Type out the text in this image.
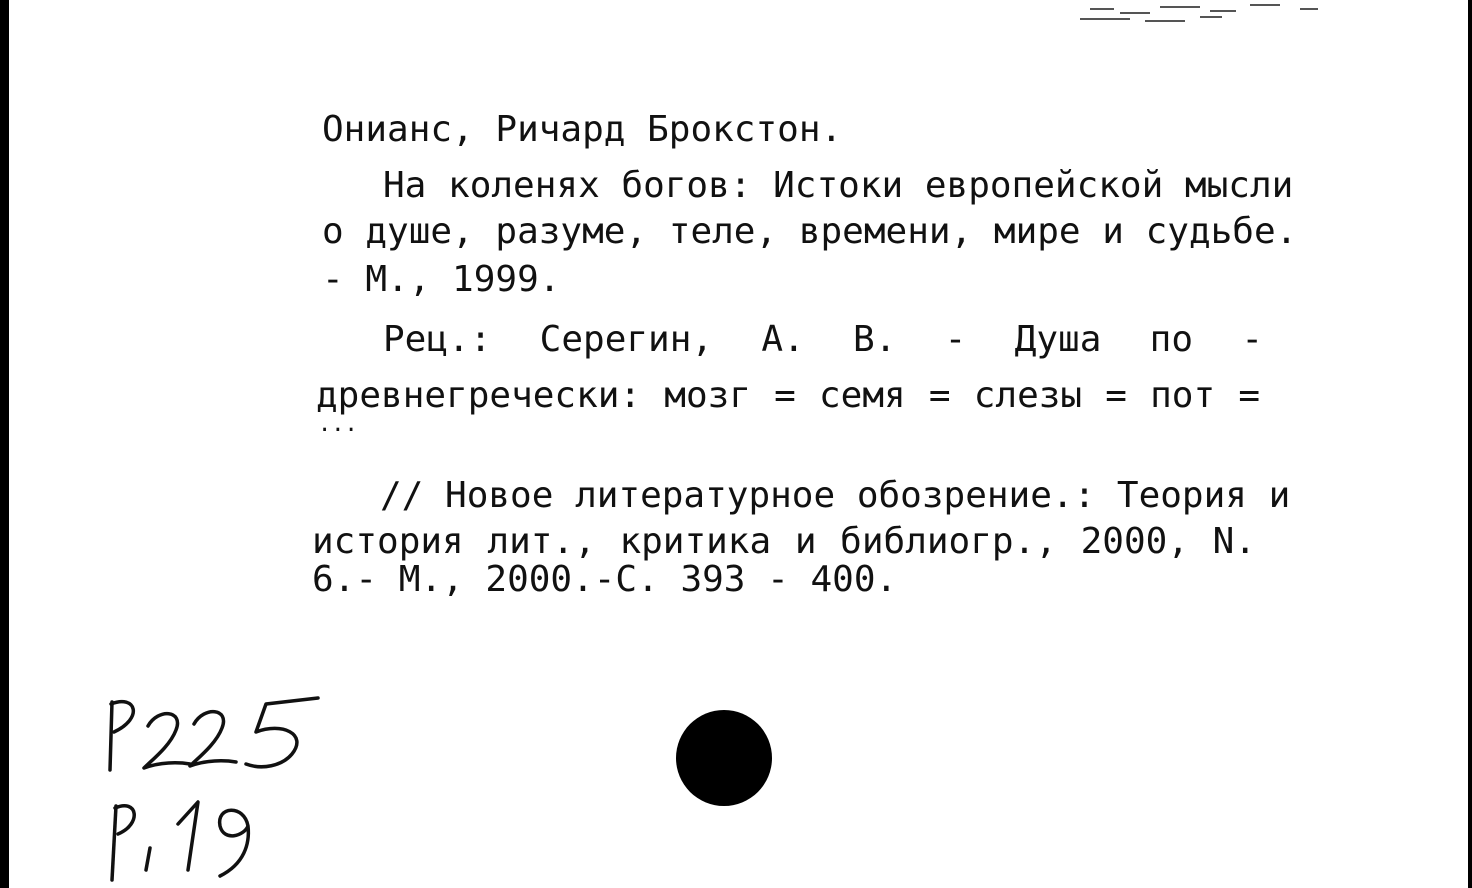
Онианс, Ричард Брокстон.
На коленях богов: Истоки европейской мысли
о душе, разуме, теле, времени, мире и судьбе.
- М., 1999.
Рец.: Серегин, А. В. - Душа по -
древнегречески: мозг = семя = слезы = пот =
...
// Новое литературное обозрение.: Теория и
история лит., критика и библиогр., 2000, N.
6.- М., 2000.-С. 393 - 400.
